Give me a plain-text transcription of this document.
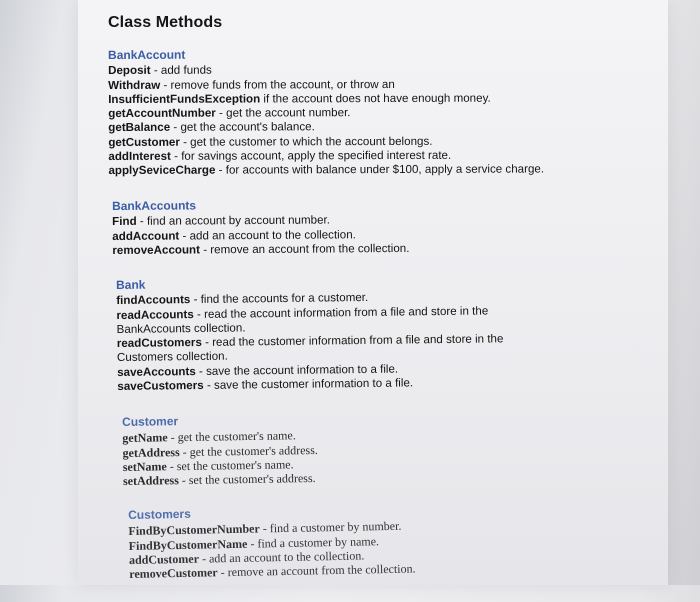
Class Methods
BankAccount
Deposit - add funds
Withdraw - remove funds from the account, or throw an
InsufficientFundsException if the account does not have enough money.
getAccountNumber - get the account number.
getBalance - get the account's balance.
getCustomer - get the customer to which the account belongs.
addInterest - for savings account, apply the specified interest rate.
applySeviceCharge - for accounts with balance under $100, apply a service charge.
BankAccounts
Find - find an account by account number.
addAccount - add an account to the collection.
removeAccount - remove an account from the collection.
Bank
findAccounts - find the accounts for a customer.
readAccounts - read the account information from a file and store in the
BankAccounts collection.
readCustomers - read the customer information from a file and store in the
Customers collection.
saveAccounts - save the account information to a file.
saveCustomers - save the customer information to a file.
Customer
getName - get the customer's name.
getAddress - get the customer's address.
setName - set the customer's name.
setAddress - set the customer's address.
Customers
FindByCustomerNumber - find a customer by number.
FindByCustomerName - find a customer by name.
addCustomer - add an account to the collection.
removeCustomer - remove an account from the collection.
